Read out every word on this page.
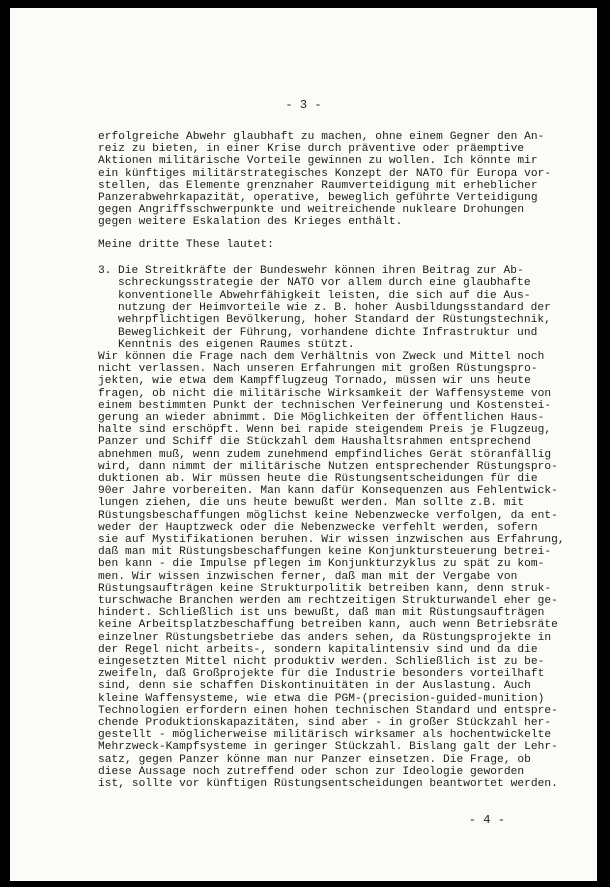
- 3 -
erfolgreiche Abwehr glaubhaft zu machen, ohne einem Gegner den An-
reiz zu bieten, in einer Krise durch präventive oder präemptive
Aktionen militärische Vorteile gewinnen zu wollen. Ich könnte mir
ein künftiges militärstrategisches Konzept der NATO für Europa vor-
stellen, das Elemente grenznaher Raumverteidigung mit erheblicher
Panzerabwehrkapazität, operative, beweglich geführte Verteidigung
gegen Angriffsschwerpunkte und weitreichende nukleare Drohungen
gegen weitere Eskalation des Krieges enthält.
Meine dritte These lautet:
3. Die Streitkräfte der Bundeswehr können ihren Beitrag zur Ab-
schreckungsstrategie der NATO vor allem durch eine glaubhafte
konventionelle Abwehrfähigkeit leisten, die sich auf die Aus-
nutzung der Heimvorteile wie z. B. hoher Ausbildungsstandard der
wehrpflichtigen Bevölkerung, hoher Standard der Rüstungstechnik,
Beweglichkeit der Führung, vorhandene dichte Infrastruktur und
Kenntnis des eigenen Raumes stützt.
Wir können die Frage nach dem Verhältnis von Zweck und Mittel noch
nicht verlassen. Nach unseren Erfahrungen mit großen Rüstungspro-
jekten, wie etwa dem Kampfflugzeug Tornado, müssen wir uns heute
fragen, ob nicht die militärische Wirksamkeit der Waffensysteme von
einem bestimmten Punkt der technischen Verfeinerung und Kostenstei-
gerung an wieder abnimmt. Die Möglichkeiten der öffentlichen Haus-
halte sind erschöpft. Wenn bei rapide steigendem Preis je Flugzeug,
Panzer und Schiff die Stückzahl dem Haushaltsrahmen entsprechend
abnehmen muß, wenn zudem zunehmend empfindliches Gerät störanfällig
wird, dann nimmt der militärische Nutzen entsprechender Rüstungspro-
duktionen ab. Wir müssen heute die Rüstungsentscheidungen für die
90er Jahre vorbereiten. Man kann dafür Konsequenzen aus Fehlentwick-
lungen ziehen, die uns heute bewußt werden. Man sollte z.B. mit
Rüstungsbeschaffungen möglichst keine Nebenzwecke verfolgen, da ent-
weder der Hauptzweck oder die Nebenzwecke verfehlt werden, sofern
sie auf Mystifikationen beruhen. Wir wissen inzwischen aus Erfahrung,
daß man mit Rüstungsbeschaffungen keine Konjunktursteuerung betrei-
ben kann - die Impulse pflegen im Konjunkturzyklus zu spät zu kom-
men. Wir wissen inzwischen ferner, daß man mit der Vergabe von
Rüstungsaufträgen keine Strukturpolitik betreiben kann, denn struk-
turschwache Branchen werden am rechtzeitigen Strukturwandel eher ge-
hindert. Schließlich ist uns bewußt, daß man mit Rüstungsaufträgen
keine Arbeitsplatzbeschaffung betreiben kann, auch wenn Betriebsräte
einzelner Rüstungsbetriebe das anders sehen, da Rüstungsprojekte in
der Regel nicht arbeits-, sondern kapitalintensiv sind und da die
eingesetzten Mittel nicht produktiv werden. Schließlich ist zu be-
zweifeln, daß Großprojekte für die Industrie besonders vorteilhaft
sind, denn sie schaffen Diskontinuitäten in der Auslastung. Auch
kleine Waffensysteme, wie etwa die PGM-(precision-guided-munition)
Technologien erfordern einen hohen technischen Standard und entspre-
chende Produktionskapazitäten, sind aber - in großer Stückzahl her-
gestellt - möglicherweise militärisch wirksamer als hochentwickelte
Mehrzweck-Kampfsysteme in geringer Stückzahl. Bislang galt der Lehr-
satz, gegen Panzer könne man nur Panzer einsetzen. Die Frage, ob
diese Aussage noch zutreffend oder schon zur Ideologie geworden
ist, sollte vor künftigen Rüstungsentscheidungen beantwortet werden.
- 4 -
